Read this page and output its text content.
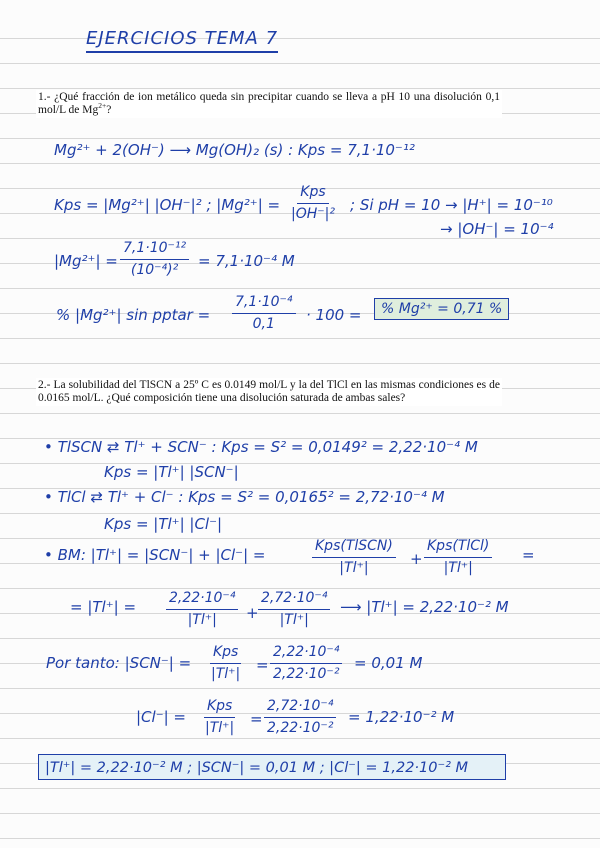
EJERCICIOS TEMA 7
1.- ¿Qué fracción de ion metálico queda sin precipitar cuando se lleva a pH 10 una disolución 0,1 mol/L de $Mg^{2+}$?
Mg²⁺ + 2(OH⁻) ⟶ Mg(OH)₂ (s) : Kps = 7,1·10⁻¹²
Kps = |Mg²⁺| |OH⁻|² ; |Mg²⁺| =
Kps
|OH⁻|² ; Si pH = 10 → |H⁺| = 10⁻¹⁰
→ |OH⁻| = 10⁻⁴
$|Mg^{2+}| = \frac{\text{7,1·10⁻¹²}}{\text{(10⁻⁴)²}} = 7,1\cdot 10^{-4}$ M
% |Mg²⁺| sin pptar = $\frac{\text{7,1·10⁻⁴}}{0,1} \cdot 100$ =	% Mg²⁺ = 0,71 %
2.- La solubilidad del TlSCN a 25º C es 0.0149 mol/L y la del TlCl en las mismas condiciones es de 0.0165 mol/L. ¿Qué composición tiene una disolución saturada de ambas sales?
• TlSCN ⇄ Tl⁺ + SCN⁻ : Kps = S² = 0,0149² = 2,22·10⁻⁴ M
Kps = |Tl⁺| |SCN⁻|
• TlCl ⇄ Tl⁺ + Cl⁻ : Kps = S² = 0,0165² = 2,72·10⁻⁴ M
Kps = |Tl⁺| |Cl⁻|
• BM: |Tl⁺| = |SCN⁻| + |Cl⁻| =	Kps(TlSCN)
|Tl⁺|	+
Kps(TlCl)
|Tl⁺|
=
= $|Tl^+| = \frac{\text{2,22·10⁻⁴}}{|Tl^+|} + \frac{\text{2,72·10⁻⁴}}{|Tl^+|}$ ⟶ |Tl⁺| = 2,22·10⁻² M
Por tanto: |SCN⁻| =
Kps
$|Tl^+| = \frac{\text{2,22·10⁻⁴}}{\text{2,22·10⁻²}} = 0,01$ M
|Cl⁻| =
Kps
$|Tl^+| = \frac{\text{2,72·10⁻⁴}}{\text{2,22·10⁻²}} = 1,22\cdot 10^{-2}$ M
|Tl⁺| = 2,22·10⁻² M ; |SCN⁻| = 0,01 M ; |Cl⁻| = 1,22·10⁻² M
